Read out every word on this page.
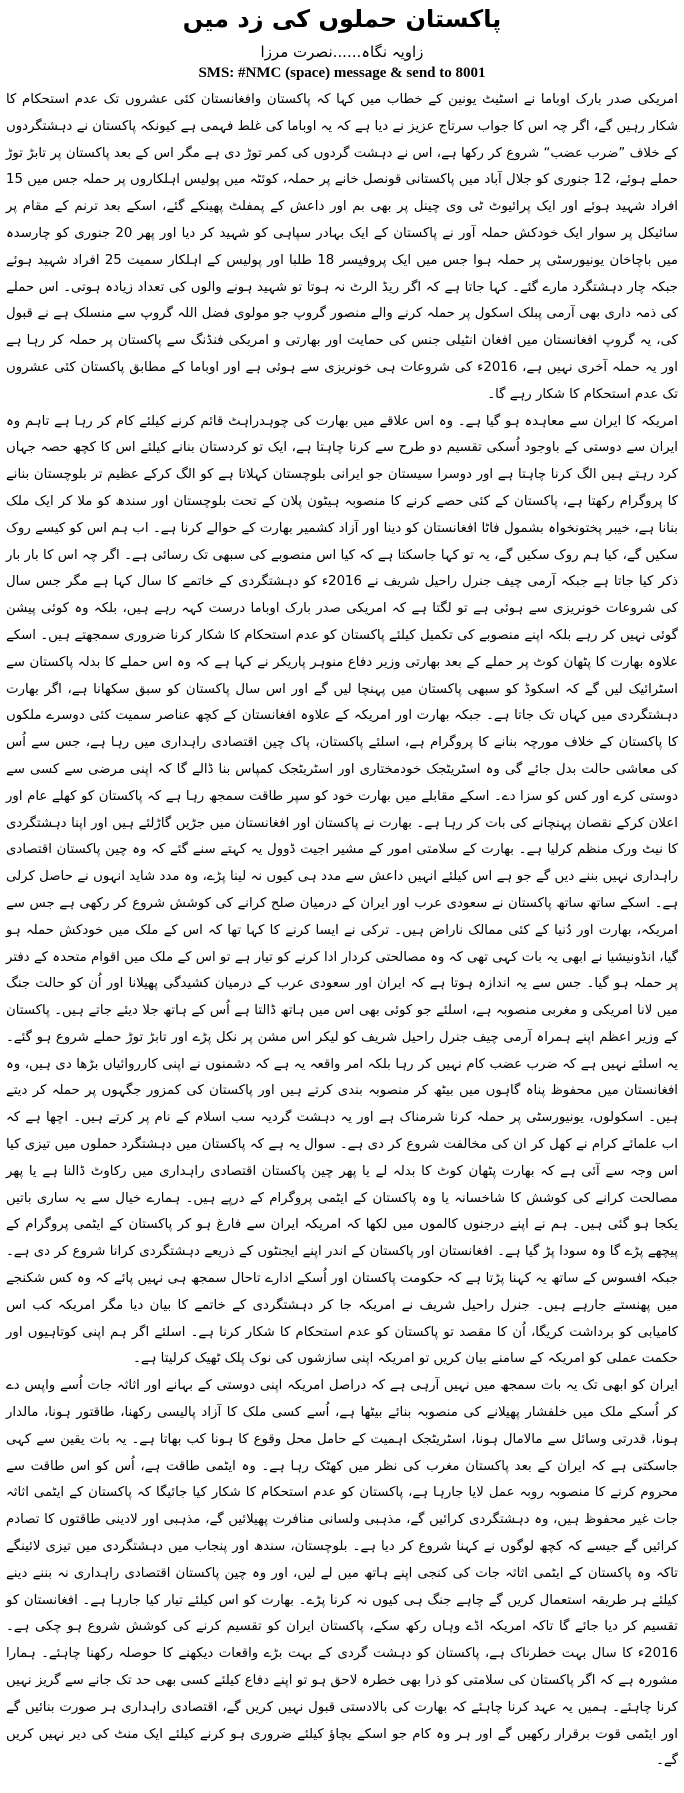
پاکستان حملوں کی زد میں
زاویہ نگاہ......نصرت مرزا
SMS: #NMC (space) message & send to 8001

امریکی صدر بارک اوباما نے اسٹیٹ یونین کے خطاب میں کہا کہ پاکستان وافغانستان کئی عشروں تک عدم استحکام کا شکار رہیں گے، اگر چہ اس کا جواب سرتاج عزیز نے دیا ہے کہ یہ اوباما کی غلط فہمی ہے کیونکہ پاکستان نے دہشتگردوں کے خلاف ”ضرب عضب“ شروع کر رکھا ہے، اس نے دہشت گردوں کی کمر توڑ دی ہے مگر اس کے بعد پاکستان پر تابڑ توڑ حملے ہوئے، 12 جنوری کو جلال آباد میں پاکستانی قونصل خانے پر حملہ، کوئٹہ میں پولیس اہلکاروں پر حملہ جس میں 15 افراد شہید ہوئے اور ایک پرائیوٹ ٹی وی چینل پر بھی بم اور داعش کے پمفلٹ پھینکے گئے، اسکے بعد ترنم کے مقام پر سائیکل پر سوار ایک خودکش حملہ آور نے پاکستان کے ایک بہادر سپاہی کو شہید کر دیا اور پھر 20 جنوری کو چارسدہ میں باچاخان یونیورسٹی پر حملہ ہوا جس میں ایک پروفیسر 18 طلبا اور پولیس کے اہلکار سمیت 25 افراد شہید ہوئے جبکہ چار دہشتگرد مارے گئے۔ کہا جاتا ہے کہ اگر ریڈ الرٹ نہ ہوتا تو شہید ہونے والوں کی تعداد زیادہ ہوتی۔ اس حملے کی ذمہ داری بھی آرمی پبلک اسکول پر حملہ کرنے والے منصور گروپ جو مولوی فضل اللہ گروپ سے منسلک ہے نے قبول کی، یہ گروپ افغانستان میں افغان انٹیلی جنس کی حمایت اور بھارتی و امریکی فنڈنگ سے پاکستان پر حملہ کر رہا ہے اور یہ حملہ آخری نہیں ہے، 2016ء کی شروعات ہی خونریزی سے ہوئی ہے اور اوباما کے مطابق پاکستان کئی عشروں تک عدم استحکام کا شکار رہے گا۔

امریکہ کا ایران سے معاہدہ ہو گیا ہے۔ وہ اس علاقے میں بھارت کی چوہدراہٹ قائم کرنے کیلئے کام کر رہا ہے تاہم وہ ایران سے دوستی کے باوجود اُسکی تقسیم دو طرح سے کرنا چاہتا ہے، ایک تو کردستان بنانے کیلئے اس کا کچھ حصہ جہاں کرد رہتے ہیں الگ کرنا چاہتا ہے اور دوسرا سیستان جو ایرانی بلوچستان کہلاتا ہے کو الگ کرکے عظیم تر بلوچستان بنانے کا پروگرام رکھتا ہے، پاکستان کے کئی حصے کرنے کا منصوبہ ہیٹون پلان کے تحت بلوچستان اور سندھ کو ملا کر ایک ملک بنانا ہے، خیبر پختونخواہ بشمول فاٹا افغانستان کو دینا اور آزاد کشمیر بھارت کے حوالے کرنا ہے۔ اب ہم اس کو کیسے روک سکیں گے، کیا ہم روک سکیں گے، یہ تو کہا جاسکتا ہے کہ کیا اس منصوبے کی سبھی تک رسائی ہے۔ اگر چہ اس کا بار بار ذکر کیا جاتا ہے جبکہ آرمی چیف جنرل راحیل شریف نے 2016ء کو دہشتگردی کے خاتمے کا سال کہا ہے مگر جس سال کی شروعات خونریزی سے ہوئی ہے تو لگتا ہے کہ امریکی صدر بارک اوباما درست کہہ رہے ہیں، بلکہ وہ کوئی پیشن گوئی نہیں کر رہے بلکہ اپنے منصوبے کی تکمیل کیلئے پاکستان کو عدم استحکام کا شکار کرنا ضروری سمجھتے ہیں۔ اسکے علاوہ بھارت کا پٹھان کوٹ پر حملے کے بعد بھارتی وزیر دفاع منوہر پاریکر نے کہا ہے کہ وہ اس حملے کا بدلہ پاکستان سے اسٹرائیک لیں گے کہ اسکوڈ کو سبھی پاکستان میں پہنچا لیں گے اور اس سال پاکستان کو سبق سکھانا ہے، اگر بھارت دہشتگردی میں کہاں تک جاتا ہے۔ جبکہ بھارت اور امریکہ کے علاوہ افغانستان کے کچھ عناصر سمیت کئی دوسرے ملکوں کا پاکستان کے خلاف مورچہ بنانے کا پروگرام ہے، اسلئے پاکستان، پاک چین اقتصادی راہداری میں رہا ہے، جس سے اُس کی معاشی حالت بدل جائے گی وہ اسٹریٹجک خودمختاری اور اسٹریٹجک کمپاس بنا ڈالے گا کہ اپنی مرضی سے کسی سے دوستی کرے اور کس کو سزا دے۔ اسکے مقابلے میں بھارت خود کو سپر طاقت سمجھ رہا ہے کہ پاکستان کو کھلے عام اور اعلان کرکے نقصان پہنچانے کی بات کر رہا ہے۔ بھارت نے پاکستان اور افغانستان میں جڑیں گاڑلئے ہیں اور اپنا دہشتگردی کا نیٹ ورک منظم کرلیا ہے۔ بھارت کے سلامتی امور کے مشیر اجیت ڈوول یہ کہتے سنے گئے کہ وہ چین پاکستان اقتصادی راہداری نہیں بننے دیں گے جو ہے اس کیلئے انہیں داعش سے مدد ہی کیوں نہ لینا پڑے، وہ مدد شاید انہوں نے حاصل کرلی ہے۔ اسکے ساتھ ساتھ پاکستان نے سعودی عرب اور ایران کے درمیان صلح کرانے کی کوشش شروع کر رکھی ہے جس سے امریکہ، بھارت اور دُنیا کے کئی ممالک ناراض ہیں۔ ترکی نے ایسا کرنے کا کہا تھا کہ اس کے ملک میں خودکش حملہ ہو گیا، انڈونیشیا نے ابھی یہ بات کہی تھی کہ وہ مصالحتی کردار ادا کرنے کو تیار ہے تو اس کے ملک میں اقوام متحدہ کے دفتر پر حملہ ہو گیا۔ جس سے یہ اندازہ ہوتا ہے کہ ایران اور سعودی عرب کے درمیان کشیدگی پھیلانا اور اُن کو حالت جنگ میں لانا امریکی و مغربی منصوبہ ہے، اسلئے جو کوئی بھی اس میں ہاتھ ڈالتا ہے اُس کے ہاتھ جلا دیئے جاتے ہیں۔ پاکستان کے وزیر اعظم اپنے ہمراہ آرمی چیف جنرل راحیل شریف کو لیکر اس مشن پر نکل پڑے اور تابڑ توڑ حملے شروع ہو گئے۔ یہ اسلئے نہیں ہے کہ ضرب عضب کام نہیں کر رہا بلکہ امر واقعہ یہ ہے کہ دشمنوں نے اپنی کارروائیاں بڑھا دی ہیں، وہ افغانستان میں محفوظ پناہ گاہوں میں بیٹھ کر منصوبہ بندی کرتے ہیں اور پاکستان کی کمزور جگہوں پر حملہ کر دیتے ہیں۔ اسکولوں، یونیورسٹی پر حملہ کرنا شرمناک ہے اور یہ دہشت گردیہ سب اسلام کے نام پر کرتے ہیں۔ اچھا ہے کہ اب علمائے کرام نے کھل کر ان کی مخالفت شروع کر دی ہے۔ سوال یہ ہے کہ پاکستان میں دہشتگرد حملوں میں تیزی کیا اس وجہ سے آئی ہے کہ بھارت پٹھان کوٹ کا بدلہ لے یا پھر چین پاکستان اقتصادی راہداری میں رکاوٹ ڈالنا ہے یا پھر مصالحت کرانے کی کوشش کا شاخسانہ یا وہ پاکستان کے ایٹمی پروگرام کے درپے ہیں۔ ہمارے خیال سے یہ ساری باتیں یکجا ہو گئی ہیں۔ ہم نے اپنے درجنوں کالموں میں لکھا کہ امریکہ ایران سے فارغ ہو کر پاکستان کے ایٹمی پروگرام کے پیچھے پڑے گا وہ سودا پڑ گیا ہے۔ افغانستان اور پاکستان کے اندر اپنے ایجنٹوں کے ذریعے دہشتگردی کرانا شروع کر دی ہے۔ جبکہ افسوس کے ساتھ یہ کہنا پڑتا ہے کہ حکومت پاکستان اور اُسکے ادارے تاحال سمجھ ہی نہیں پائے کہ وہ کس شکنجے میں پھنستے جارہے ہیں۔ جنرل راحیل شریف نے امریکہ جا کر دہشتگردی کے خاتمے کا بیان دیا مگر امریکہ کب اس کامیابی کو برداشت کریگا، اُن کا مقصد تو پاکستان کو عدم استحکام کا شکار کرنا ہے۔ اسلئے اگر ہم اپنی کوتاہیوں اور حکمت عملی کو امریکہ کے سامنے بیان کریں تو امریکہ اپنی سازشوں کی نوک پلک ٹھیک کرلیتا ہے۔

ایران کو ابھی تک یہ بات سمجھ میں نہیں آرہی ہے کہ دراصل امریکہ اپنی دوستی کے بہانے اور اثاثہ جات اُسے واپس دے کر اُسکے ملک میں خلفشار پھیلانے کی منصوبہ بنائے بیٹھا ہے، اُسے کسی ملک کا آزاد پالیسی رکھنا، طاقتور ہونا، مالدار ہونا، قدرتی وسائل سے مالامال ہونا، اسٹریٹجک اہمیت کے حامل محل وقوع کا ہونا کب بھاتا ہے۔ یہ بات یقین سے کہی جاسکتی ہے کہ ایران کے بعد پاکستان مغرب کی نظر میں کھٹک رہا ہے۔ وہ ایٹمی طاقت ہے، اُس کو اس طاقت سے محروم کرنے کا منصوبہ روبہ عمل لایا جارہا ہے، پاکستان کو عدم استحکام کا شکار کیا جائیگا کہ پاکستان کے ایٹمی اثاثہ جات غیر محفوظ ہیں، وہ دہشتگردی کرائیں گے، مذہبی ولسانی منافرت پھیلائیں گے، مذہبی اور لادینی طاقتوں کا تصادم کرائیں گے جیسے کہ کچھ لوگوں نے کہنا شروع کر دیا ہے۔ بلوچستان، سندھ اور پنجاب میں دہشتگردی میں تیزی لائینگے تاکہ وہ پاکستان کے ایٹمی اثاثہ جات کی کنجی اپنے ہاتھ میں لے لیں، اور وہ چین پاکستان اقتصادی راہداری نہ بننے دینے کیلئے ہر طریقہ استعمال کریں گے چاہے جنگ ہی کیوں نہ کرنا پڑے۔ بھارت کو اس کیلئے تیار کیا جارہا ہے۔ افغانستان کو تقسیم کر دیا جائے گا تاکہ امریکہ اڈے وہاں رکھ سکے، پاکستان ایران کو تقسیم کرنے کی کوشش شروع ہو چکی ہے۔ 2016ء کا سال بہت خطرناک ہے، پاکستان کو دہشت گردی کے بہت بڑے واقعات دیکھنے کا حوصلہ رکھنا چاہئے۔ ہمارا مشورہ ہے کہ اگر پاکستان کی سلامتی کو ذرا بھی خطرہ لاحق ہو تو اپنے دفاع کیلئے کسی بھی حد تک جانے سے گریز نہیں کرنا چاہئے۔ ہمیں یہ عہد کرنا چاہئے کہ بھارت کی بالادستی قبول نہیں کریں گے، اقتصادی راہداری ہر صورت بنائیں گے اور ایٹمی قوت برقرار رکھیں گے اور ہر وہ کام جو اسکے بچاؤ کیلئے ضروری ہو کرنے کیلئے ایک منٹ کی دیر نہیں کریں گے۔
